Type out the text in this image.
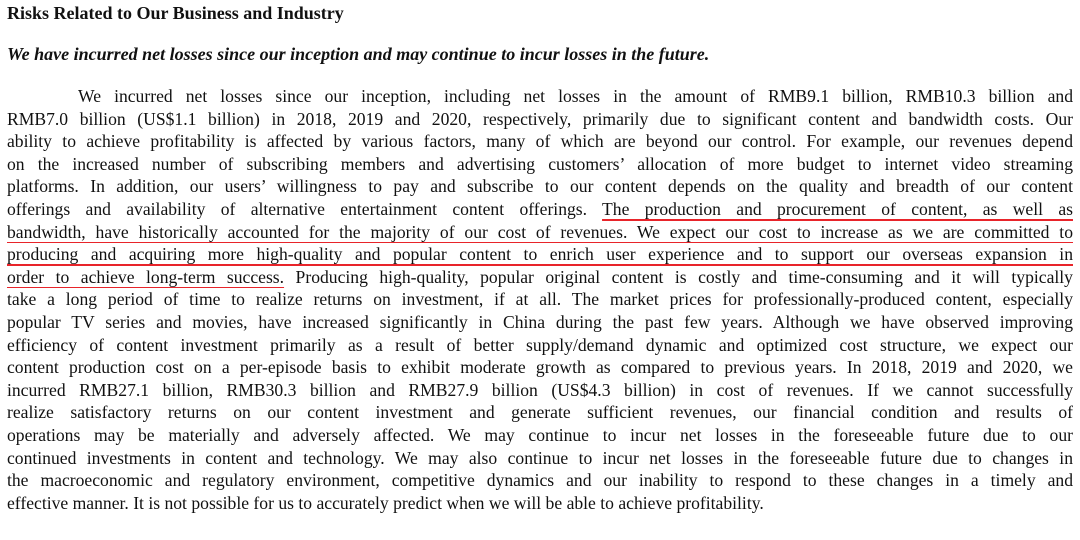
Risks Related to Our Business and Industry
We have incurred net losses since our inception and may continue to incur losses in the future.
We incurred net losses since our inception, including net losses in the amount of RMB9.1 billion, RMB10.3 billion and
RMB7.0 billion (US$1.1 billion) in 2018, 2019 and 2020, respectively, primarily due to significant content and bandwidth costs. Our
ability to achieve profitability is affected by various factors, many of which are beyond our control. For example, our revenues depend
on the increased number of subscribing members and advertising customers’ allocation of more budget to internet video streaming
platforms. In addition, our users’ willingness to pay and subscribe to our content depends on the quality and breadth of our content
offerings and availability of alternative entertainment content offerings. The production and procurement of content, as well as
bandwidth, have historically accounted for the majority of our cost of revenues. We expect our cost to increase as we are committed to
producing and acquiring more high-quality and popular content to enrich user experience and to support our overseas expansion in
order to achieve long-term success. Producing high-quality, popular original content is costly and time-consuming and it will typically
take a long period of time to realize returns on investment, if at all. The market prices for professionally-produced content, especially
popular TV series and movies, have increased significantly in China during the past few years. Although we have observed improving
efficiency of content investment primarily as a result of better supply/demand dynamic and optimized cost structure, we expect our
content production cost on a per-episode basis to exhibit moderate growth as compared to previous years. In 2018, 2019 and 2020, we
incurred RMB27.1 billion, RMB30.3 billion and RMB27.9 billion (US$4.3 billion) in cost of revenues. If we cannot successfully
realize satisfactory returns on our content investment and generate sufficient revenues, our financial condition and results of
operations may be materially and adversely affected. We may continue to incur net losses in the foreseeable future due to our
continued investments in content and technology. We may also continue to incur net losses in the foreseeable future due to changes in
the macroeconomic and regulatory environment, competitive dynamics and our inability to respond to these changes in a timely and
effective manner. It is not possible for us to accurately predict when we will be able to achieve profitability.
